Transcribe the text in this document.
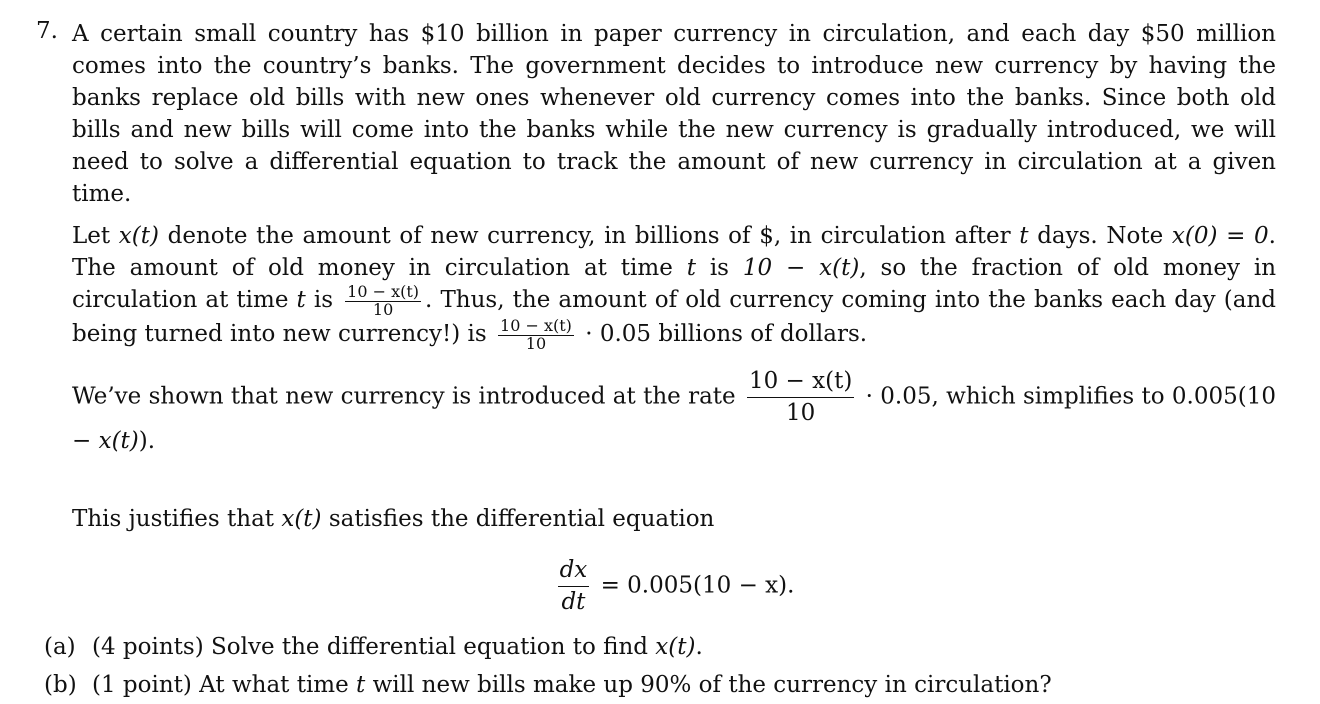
7. A certain small country has $10 billion in paper currency in circulation, and each day $50 million comes into the country’s banks. The government decides to introduce new currency by having the banks replace old bills with new ones whenever old currency comes into the banks. Since both old bills and new bills will come into the banks while the new currency is gradually introduced, we will need to solve a differential equation to track the amount of new currency in circulation at a given time.

Let x(t) denote the amount of new currency, in billions of $, in circulation after t days. Note x(0) = 0. The amount of old money in circulation at time t is 10 − x(t), so the fraction of old money in circulation at time t is $\frac{10 - x(t)}{10}$ . Thus, the amount of old currency coming into the banks each day (and being turned into new currency!) is $\frac{10 - x(t)}{10} \cdot 0.05$ billions of dollars.

We’ve shown that new currency is introduced at the rate $\frac{10 - x(t)}{10} \cdot 0.05$, which simplifies to 0.005(10 − x(t)).

This justifies that x(t) satisfies the differential equation

$\frac{dx}{dt} = 0.005(10 - x)$.

(a) (4 points) Solve the differential equation to find x(t).

(b) (1 point) At what time t will new bills make up 90% of the currency in circulation?
